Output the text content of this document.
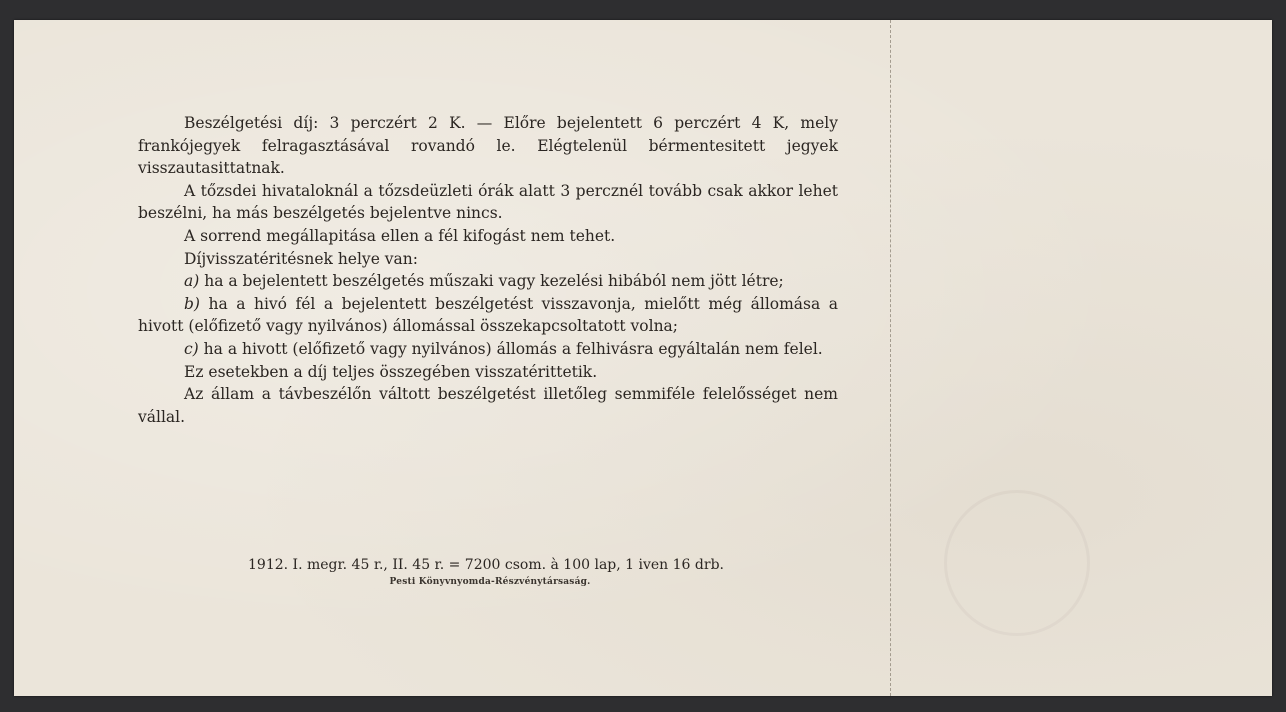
Beszélgetési díj: 3 perczért 2 K. — Előre bejelentett 6 perczért 4 K, mely frankójegyek felragasztásával rovandó le. Elégtelenül bérmentesitett jegyek visszautasittatnak.

A tőzsdei hivataloknál a tőzsdeüzleti órák alatt 3 percznél tovább csak akkor lehet beszélni, ha más beszélgetés bejelentve nincs.

A sorrend megállapitása ellen a fél kifogást nem tehet.

Díjvisszatéritésnek helye van:

a) ha a bejelentett beszélgetés műszaki vagy kezelési hibából nem jött létre;

b) ha a hivó fél a bejelentett beszélgetést visszavonja, mielőtt még állomása a hivott (előfizető vagy nyilvános) állomással összekapcsoltatott volna;

c) ha a hivott (előfizető vagy nyilvános) állomás a felhivásra egyáltalán nem felel.

Ez esetekben a díj teljes összegében visszatérittetik.

Az állam a távbeszélőn váltott beszélgetést illetőleg semmiféle felelősséget nem vállal.

1912. I. megr. 45 r., II. 45 r. = 7200 csom. à 100 lap, 1 iven 16 drb.
Pesti Könyvnyomda-Részvénytársaság.
